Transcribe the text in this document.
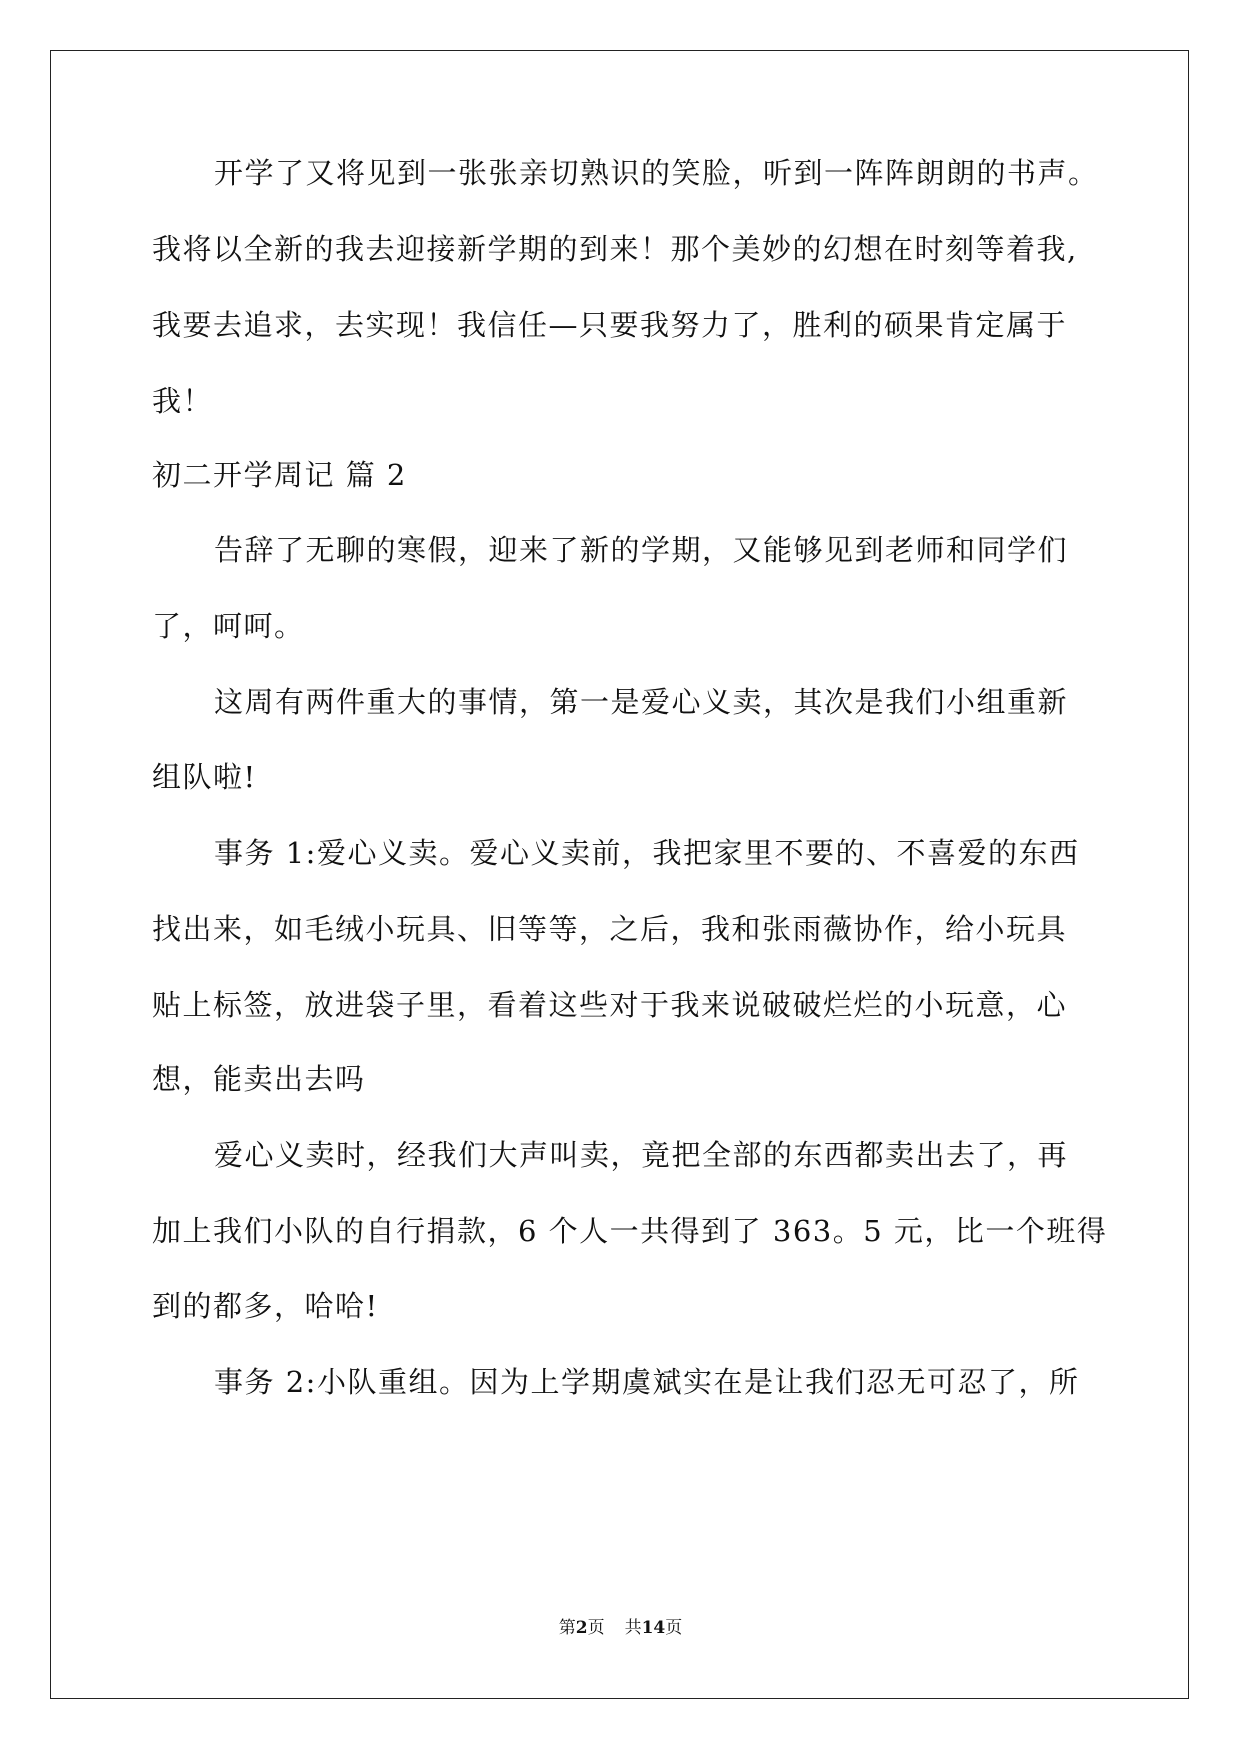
开学了又将见到一张张亲切熟识的笑脸，听到一阵阵朗朗的书声。
我将以全新的我去迎接新学期的到来！那个美妙的幻想在时刻等着我,
我要去追求，去实现！我信任—只要我努力了，胜利的硕果肯定属于
我！
初二开学周记 篇 2
告辞了无聊的寒假，迎来了新的学期，又能够见到老师和同学们
了，呵呵。
这周有两件重大的事情，第一是爱心义卖，其次是我们小组重新
组队啦!
事务 1:爱心义卖。爱心义卖前，我把家里不要的、不喜爱的东西
找出来，如毛绒小玩具、旧等等，之后，我和张雨薇协作，给小玩具
贴上标签，放进袋子里，看着这些对于我来说破破烂烂的小玩意，心
想，能卖出去吗
爱心义卖时，经我们大声叫卖，竟把全部的东西都卖出去了，再
加上我们小队的自行捐款，6 个人一共得到了 363。5 元，比一个班得
到的都多，哈哈!
事务 2:小队重组。因为上学期虞斌实在是让我们忍无可忍了，所
第2页 共14页
